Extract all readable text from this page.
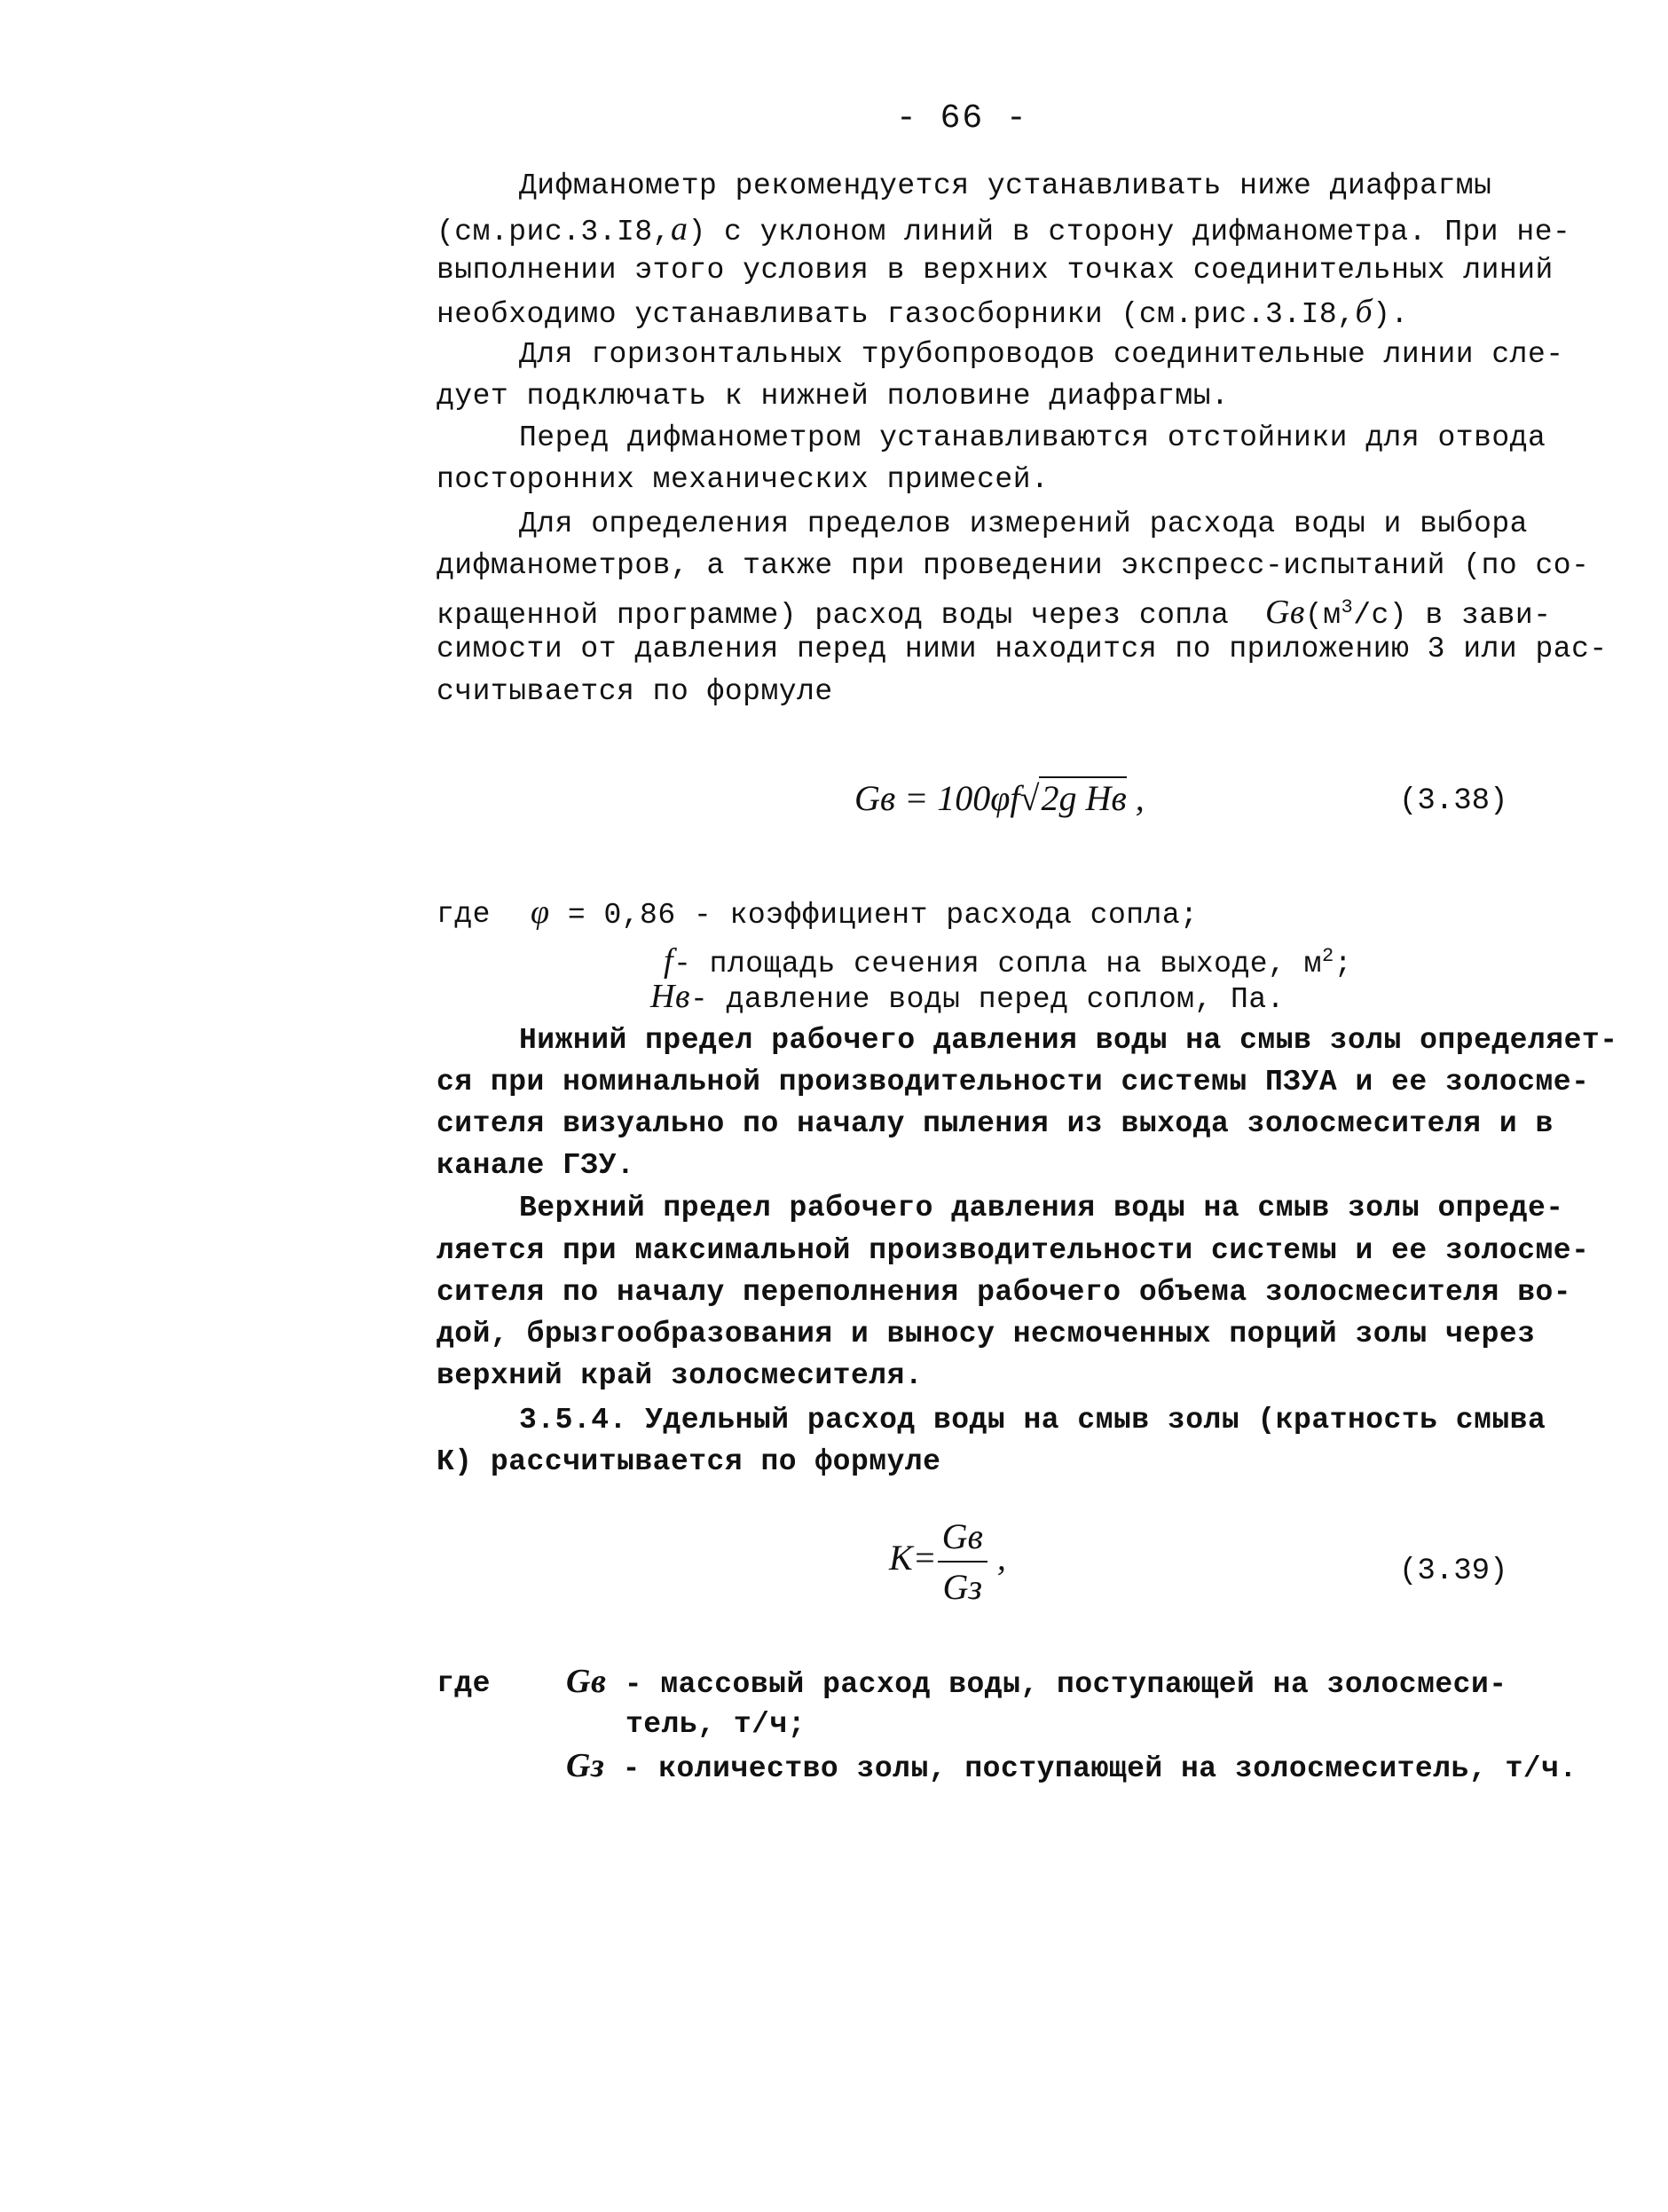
- 66 -
Дифманометр рекомендуется устанавливать ниже диафрагмы
(см.рис.3.I8,а) с уклоном линий в сторону дифманометра. При не-
выполнении этого условия в верхних точках соединительных линий
необходимо устанавливать газосборники (см.рис.3.I8,б).
Для горизонтальных трубопроводов соединительные линии сле-
дует подключать к нижней половине диафрагмы.
Перед дифманометром устанавливаются отстойники для отвода
посторонних механических примесей.
Для определения пределов измерений расхода воды и выбора
дифманометров, а также при проведении экспресс-испытаний (по со-
кращенной программе) расход воды через сопла $Gв(м^3/с)$ в зави-
симости от давления перед ними находится по приложению 3 или рас-
считывается по формуле
Gв = 100φf√2g Hв ,	(3.38)
где φ = 0,86 - коэффициент расхода сопла;
f- площадь сечения сопла на выходе, $м^2$;
Hв- давление воды перед соплом, Па.
Нижний предел рабочего давления воды на смыв золы определяет-
ся при номинальной производительности системы ПЗУА и ее золосме-
сителя визуально по началу пыления из выхода золосмесителя и в
канале ГЗУ.
Верхний предел рабочего давления воды на смыв золы опреде-
ляется при максимальной производительности системы и ее золосме-
сителя по началу переполнения рабочего объема золосмесителя во-
дой, брызгообразования и выносу несмоченных порций золы через
верхний край золосмесителя.
3.5.4. Удельный расход воды на смыв золы (кратность смыва
К) рассчитывается по формуле
$K= \frac{Gв}{Gз}$ ,	(3.39)
где Gв - массовый расход воды, поступающей на золосмеси-
тель, т/ч;
Gз - количество золы, поступающей на золосмеситель, т/ч.
